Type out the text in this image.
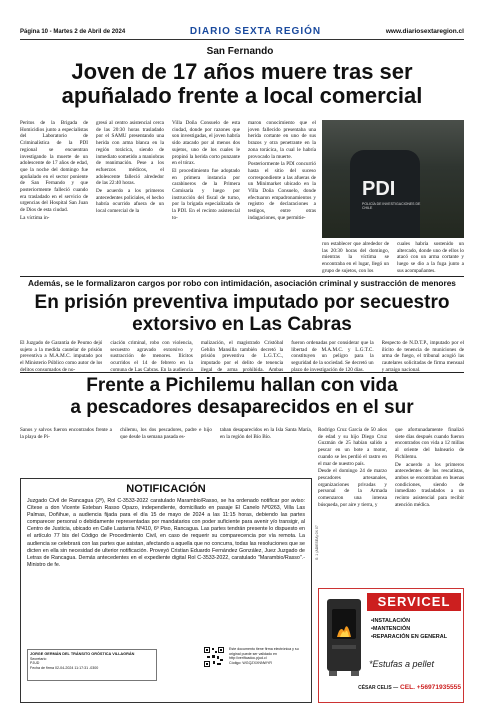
Página 10 - Martes 2 de Abril de 2024	DIARIO SEXTA REGIÓN	www.diariosextaregion.cl
San Fernando
Joven de 17 años muere tras ser
apuñalado frente a local comercial

Peritos de la Brigada de Homicidios junto a especialistas del Laboratorio de Criminalística de la PDI regional se encuentran investigando la muerte de un adolescente de 17 años de edad, que la noche del domingo fue apuñalado en el sector poniente de San Fernando y que posteriormente falleció cuando era trasladado en el servicio de urgencias del Hospital San Juan de Dios de esta ciudad.

La víctima in-

gresó al centro asistencial cerca de las 20:30 horas trasladado por el SAMU presentando una herida con arma blanca en la región torácica, siendo de inmediato sometido a maniobras de reanimación. Pese a los esfuerzos médicos, el adolescente falleció alrededor de las 22:40 horas.

De acuerdo a los primeros antecedentes policiales, el hecho habría ocurrido afuera de un local comercial de la

Villa Doña Consuelo de esta ciudad, donde por razones que son investigadas, el joven habría sido atacado por al menos dos sujetos, uno de los cuales le propinó la herida corto punzante en el tórax.

El procedimiento fue adoptado en primera instancia por carabineros de la Primera Comisaría y luego por instrucción del fiscal de turno, por la brigada especializada de la PDI. En el recinto asistencial to-

maron conocimiento que el joven fallecido presentaba una herida cortante en uno de sus brazos y otra penetrante en la zona torácica, la cual le habría provocado la muerte.

Posteriormente la PDI concurrió hasta el sitio del suceso correspondiente a las afueras de un Minimarket ubicado en la Villa Doña Consuelo, donde efectuaron empadronamientos y registro de declaraciones a testigos, entre otras indagaciones, que permitie-

PDI
POLICÍA DE INVESTIGACIONES DE CHILE

ron establecer que alrededor de las 20:30 horas del domingo, mientras la víctima se encontraba en el lugar, llegó un grupo de sujetos, con los

cuales habría sostenido un altercado, donde uno de ellos lo atacó con un arma cortante y luego se dio a la fuga junto a sus acompañantes.

Además, se le formalizaron cargos por robo con intimidación, asociación criminal y sustracción de menores
En prisión preventiva imputado por secuestro
extorsivo en Las Cabras
El Juzgado de Garantía de Peumo dejó sujeto a la medida cautelar de prisión preventiva a M.A.M.C. imputado por el Ministerio Público como autor de los delitos consumados de no-
ciación criminal, robo con violencia, secuestro agravado extorsivo y sustracción de menores. Ilícitos ocurridos el 14 de febrero en la comuna de Las Cabras. En la audiencia
malización, el magistrado Cristóbal Gehlin Mansilla también decretó la prisión preventiva de L.G.T.C., imputado por el delito de tenencia ilegal de arma prohibida. Ambas
fueron ordenadas por considerar que la libertad de M.A.M.C. y L.G.T.C. constituyen un peligro para la seguridad de la sociedad. Se decretó un plazo de investigación de 120 días.
Respecto de N.D.T.P., imputado por el ilícito de tenencia de municiones de arma de fuego, el tribunal acogió las cautelares solicitadas de firma mensual y arraigo nacional.
Frente a Pichilemu hallan con vida
a pescadores desaparecidos en el sur
Sanos y salvos fueron encontrados frente a la playa de Pi-
chilemu, los dos pescadores, padre e hijo que desde la semana pasada es-
taban desaparecidos en la Isla Santa María, en la región del Bío Bío.

Rodrigo Cruz García de 50 años de edad y su hijo Diego Cruz Guzmán de 25 habían salido a pescar en un bote a motor, cuando se les perdió el rastro en el mar de nuestro país.

Desde el domingo 24 de marzo pescadores artesanales, organizaciones privadas y personal de la Armada comenzaron una intensa búsqueda, por aire y tierra, y

que afortunadamente finalizó siete días después cuando fueron encontrados con vida a 12 millas al oriente del balneario de Pichilemu.

De acuerdo a los primeros antecedentes de los rescatistas, ambos se encontraban en buenas condiciones, siendo de inmediato trasladados a un recinto asistencial para recibir atención médica.

NOTIFICACIÓN
Juzgado Civil de Rancagua (2º), Rol C-3533-2022 caratulado Marambio/Rasso, se ha ordenado notificar por aviso: Cítese a don Vicente Esteban Rasso Opazo, independiente, domiciliado en pasaje El Canelo Nº0263, Villa Las Palmas, Doñihue, a audiencia fijada para el día 15 de mayo de 2024 a las 11:15 horas, debiendo las partes comparecer personal o debidamente representadas por mandatarios con poder suficiente para avenir y/o transigir, al Centro de Justicia, ubicado en Calle Lastarria Nº410, 6º Piso, Rancagua. Las partes tendrán presente lo dispuesto en el artículo 77 bis del Código de Procedimiento Civil, en caso de requerir su comparecencia por vía remota. La audiencia se celebrará con las partes que asistan, afectando a aquella que no concurra, todas las resoluciones que se dicten en ella sin necesidad de ulterior notificación. Proveyó Cristian Eduardo Fernández González, Juez Juzgado de Letras de Rancagua. Demás antecedentes en el expediente digital Rol C-3533-2022, caratulado "Marambio/Rasso".- Ministro de fe.
JORGE GERMÁN DEL TRÁNSITO ORÓSTICA VILLAGRÁN
Secretario
PJUD
Fecha de firma 02-04-2024 11:17:31 -0300
Este documento tiene firma electrónica y su original puede ser validado en http://verificadoc.pjud.cl
Código: WGQZXXNNWYR
S: 1 (ADIESEA) 0X 07
SERVICEL
•INSTALACIÓN
•MANTENCIÓN
•REPARACIÓN EN GENERAL
*Estufas a pellet
CÉSAR CELIS — CEL. +56971935555
